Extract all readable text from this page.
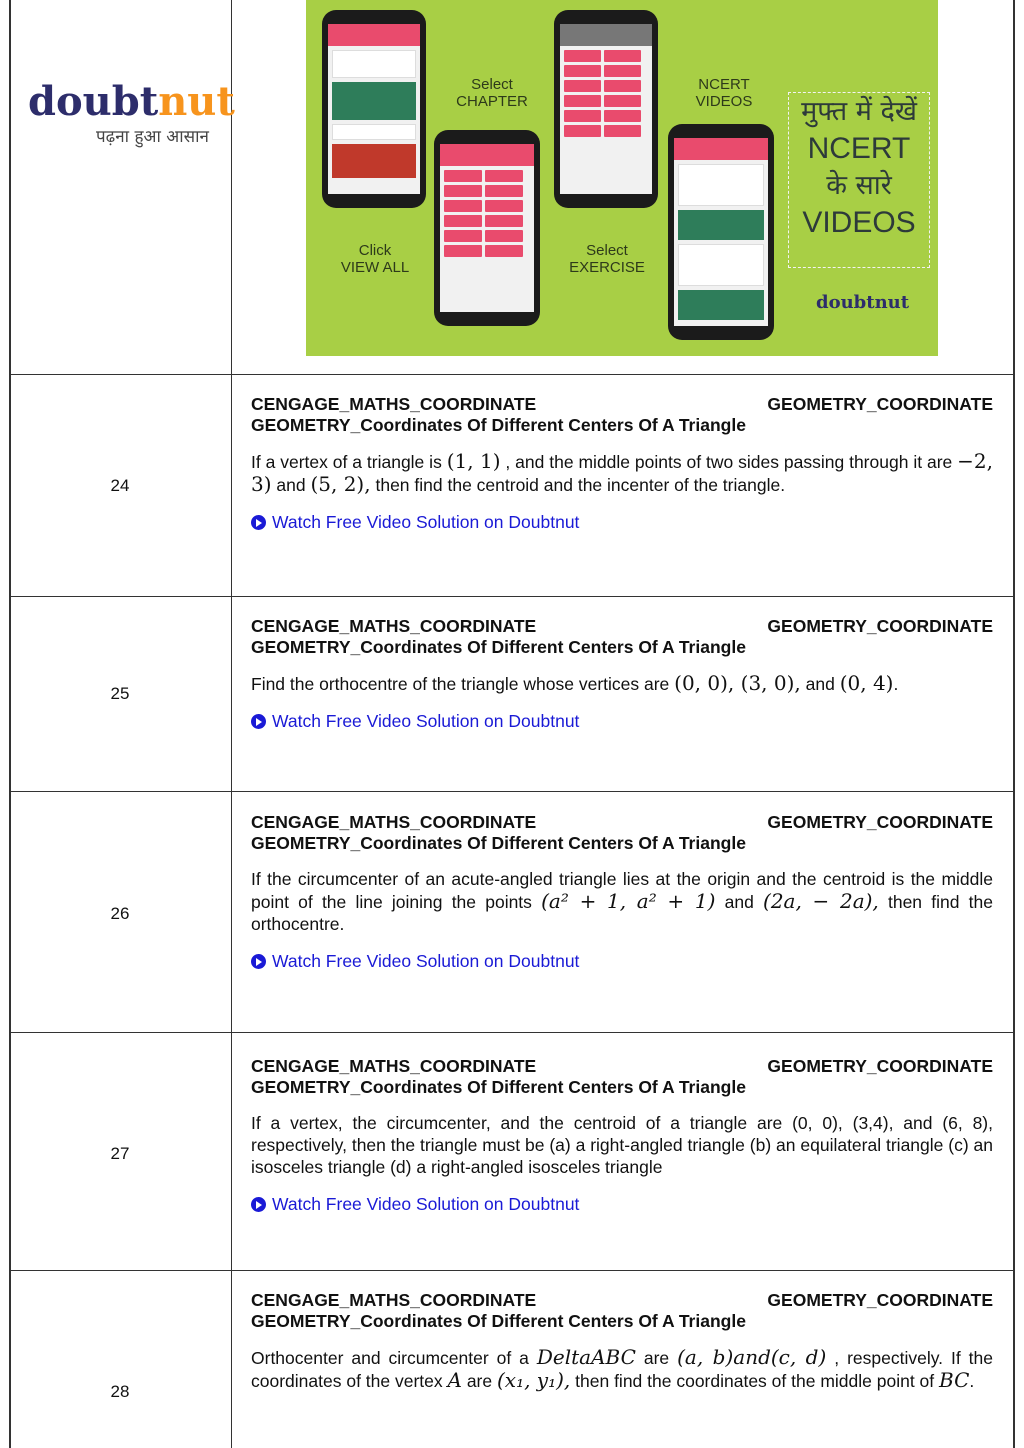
doubtnut
पढ़ना हुआ आसान
Select
CHAPTER
NCERT
VIDEOS
Click
VIEW ALL
Select
EXERCISE
मुफ्त में देखें
NCERT
के सारे
VIDEOS
doubtnut
24
CENGAGE_MATHS_COORDINATE	GEOMETRY_COORDINATE
GEOMETRY_Coordinates Of Different Centers Of A Triangle
If a vertex of a triangle is (1, 1) , and the middle points of two sides passing through it are −2, 3) and (5, 2), then find the centroid and the incenter of the triangle.
Watch Free Video Solution on Doubtnut
25
CENGAGE_MATHS_COORDINATE	GEOMETRY_COORDINATE
GEOMETRY_Coordinates Of Different Centers Of A Triangle
Find the orthocentre of the triangle whose vertices are (0, 0), (3, 0), and (0, 4).
Watch Free Video Solution on Doubtnut
26
CENGAGE_MATHS_COORDINATE	GEOMETRY_COORDINATE
GEOMETRY_Coordinates Of Different Centers Of A Triangle
If the circumcenter of an acute-angled triangle lies at the origin and the centroid is the middle point of the line joining the points (a² + 1, a² + 1) and (2a, − 2a), then find the orthocentre.
Watch Free Video Solution on Doubtnut
27
CENGAGE_MATHS_COORDINATE	GEOMETRY_COORDINATE
GEOMETRY_Coordinates Of Different Centers Of A Triangle
If a vertex, the circumcenter, and the centroid of a triangle are (0, 0), (3,4), and (6, 8), respectively, then the triangle must be (a) a right-angled triangle (b) an equilateral triangle (c) an isosceles triangle (d) a right-angled isosceles triangle
Watch Free Video Solution on Doubtnut
28
CENGAGE_MATHS_COORDINATE	GEOMETRY_COORDINATE
GEOMETRY_Coordinates Of Different Centers Of A Triangle
Orthocenter and circumcenter of a DeltaABC are (a, b)and(c, d) , respectively. If the coordinates of the vertex A are (x₁, y₁), then find the coordinates of the middle point of BC.
